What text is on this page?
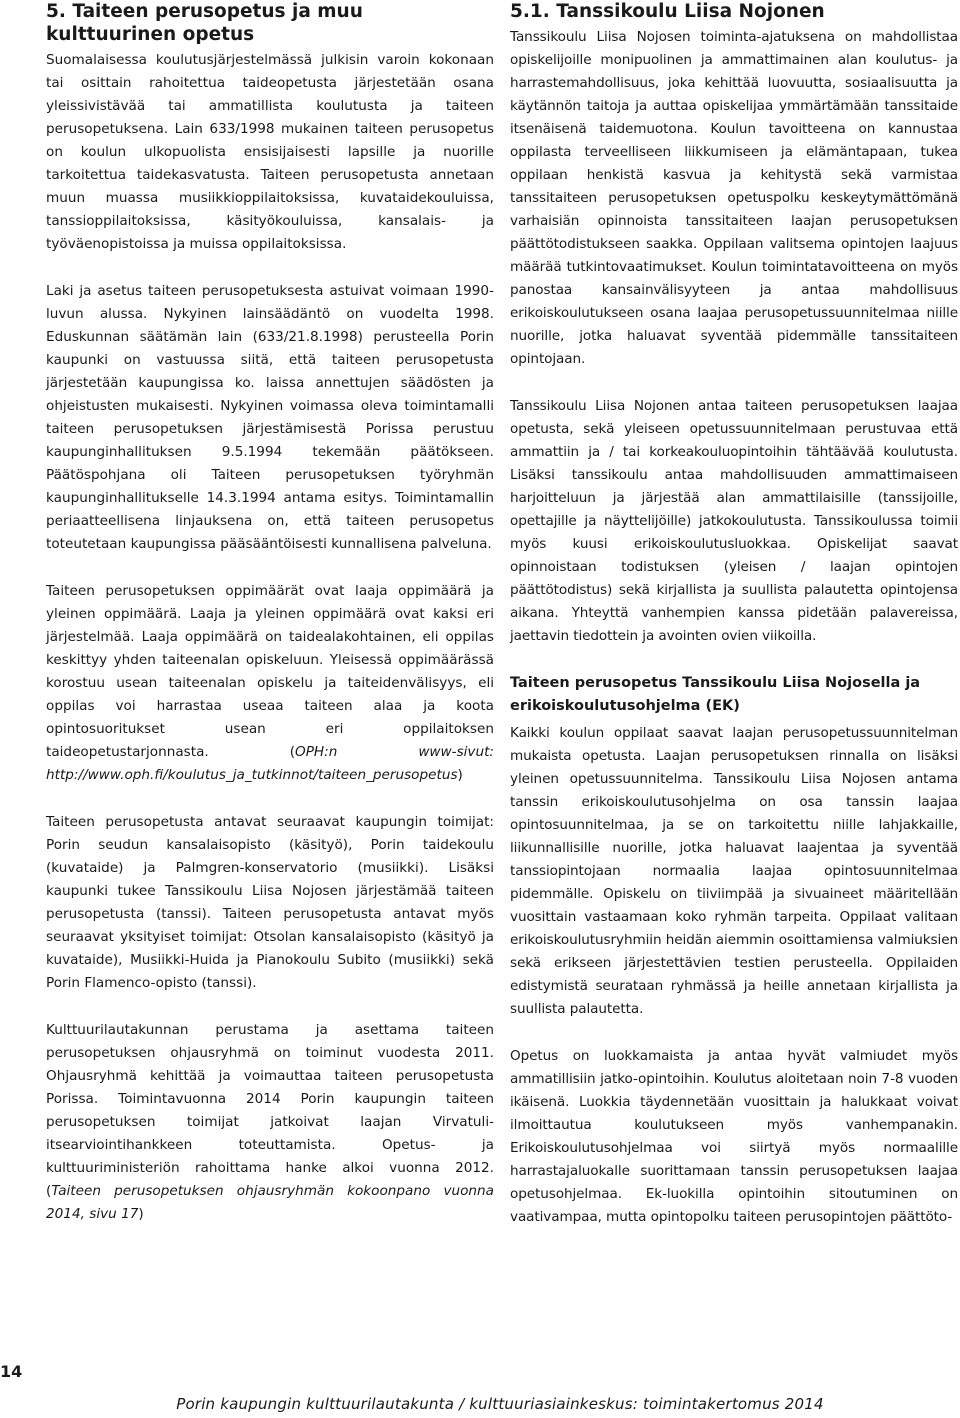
5. Taiteen perusopetus ja muu kulttuurinen opetus

Suomalaisessa koulutusjärjestelmässä julkisin varoin kokonaan tai osittain rahoitettua taideopetusta järjestetään osana yleissivistävää tai ammatillista koulutusta ja taiteen perusopetuksena. Lain 633/1998 mukainen taiteen perusopetus on koulun ulkopuolista ensisijaisesti lapsille ja nuorille tarkoitettua taidekasvatusta. Taiteen perusopetusta annetaan muun muassa musiikkioppilaitoksissa, kuvataidekouluissa, tanssioppilaitoksissa, käsityökouluissa, kansalais- ja työväenopistoissa ja muissa oppilaitoksissa.

Laki ja asetus taiteen perusopetuksesta astuivat voimaan 1990-luvun alussa. Nykyinen lainsäädäntö on vuodelta 1998. Eduskunnan säätämän lain (633/21.8.1998) perusteella Porin kaupunki on vastuussa siitä, että taiteen perusopetusta järjestetään kaupungissa ko. laissa annettujen säädösten ja ohjeistusten mukaisesti. Nykyinen voimassa oleva toimintamalli taiteen perusopetuksen järjestämisestä Porissa perustuu kaupunginhallituksen 9.5.1994 tekemään päätökseen. Päätöspohjana oli Taiteen perusopetuksen työryhmän kaupunginhallitukselle 14.3.1994 antama esitys. Toimintamallin periaatteellisena linjauksena on, että taiteen perusopetus toteutetaan kaupungissa pääsääntöisesti kunnallisena palveluna.

Taiteen perusopetuksen oppimäärät ovat laaja oppimäärä ja yleinen oppimäärä. Laaja ja yleinen oppimäärä ovat kaksi eri järjestelmää. Laaja oppimäärä on taidealakohtainen, eli oppilas keskittyy yhden taiteenalan opiskeluun. Yleisessä oppimäärässä korostuu usean taiteenalan opiskelu ja taiteidenvälisyys, eli oppilas voi harrastaa useaa taiteen alaa ja koota opintosuoritukset usean eri oppilaitoksen taideopetustarjonnasta.	(OPH:n www-sivut: http://www.oph.fi/koulutus_ja_tutkinnot/taiteen_perusopetus)

Taiteen perusopetusta antavat seuraavat kaupungin toimijat: Porin seudun kansalaisopisto (käsityö), Porin taidekoulu (kuvataide) ja Palmgren-konservatorio (musiikki). Lisäksi kaupunki tukee Tanssikoulu Liisa Nojosen järjestämää taiteen perusopetusta (tanssi). Taiteen perusopetusta antavat myös seuraavat yksityiset toimijat: Otsolan kansalaisopisto (käsityö ja kuvataide), Musiikki-Huida ja Pianokoulu Subito (musiikki) sekä Porin Flamenco-opisto (tanssi).

Kulttuurilautakunnan perustama ja asettama taiteen perusopetuksen ohjausryhmä on toiminut vuodesta 2011. Ohjausryhmä kehittää ja voimauttaa taiteen perusopetusta Porissa. Toimintavuonna 2014 Porin kaupungin taiteen perusopetuksen toimijat jatkoivat laajan Virvatuli-itsearviointihankkeen toteuttamista. Opetus- ja kulttuuriministeriön rahoittama hanke alkoi vuonna 2012. (Taiteen perusopetuksen ohjausryhmän kokoonpano vuonna 2014, sivu 17)

5.1. Tanssikoulu Liisa Nojonen

Tanssikoulu Liisa Nojosen toiminta-ajatuksena on mahdollistaa opiskelijoille monipuolinen ja ammattimainen alan koulutus- ja harrastemahdollisuus, joka kehittää luovuutta, sosiaalisuutta ja käytännön taitoja ja auttaa opiskelijaa ymmärtämään tanssitaide itsenäisenä taidemuotona. Koulun tavoitteena on kannustaa oppilasta terveelliseen liikkumiseen ja elämäntapaan, tukea oppilaan henkistä kasvua ja kehitystä sekä varmistaa tanssitaiteen perusopetuksen opetuspolku keskeytymättömänä varhaisiän opinnoista tanssitaiteen laajan perusopetuksen päättötodistukseen saakka. Oppilaan valitsema opintojen laajuus määrää tutkintovaatimukset. Koulun toimintatavoitteena on myös panostaa kansainvälisyyteen ja antaa mahdollisuus erikoiskoulutukseen osana laajaa perusopetussuunnitelmaa niille nuorille, jotka haluavat syventää pidemmälle tanssitaiteen opintojaan.

Tanssikoulu Liisa Nojonen antaa taiteen perusopetuksen laajaa opetusta, sekä yleiseen opetussuunnitelmaan perustuvaa että ammattiin ja / tai korkeakouluopintoihin tähtäävää koulutusta. Lisäksi tanssikoulu antaa mahdollisuuden ammattimaiseen harjoitteluun ja järjestää alan ammattilaisille (tanssijoille, opettajille ja näyttelijöille) jatkokoulutusta. Tanssikoulussa toimii myös kuusi erikoiskoulutusluokkaa. Opiskelijat saavat opinnoistaan todistuksen (yleisen / laajan opintojen päättötodistus) sekä kirjallista ja suullista palautetta opintojensa aikana. Yhteyttä vanhempien kanssa pidetään palavereissa, jaettavin tiedottein ja avointen ovien viikoilla.

Taiteen perusopetus Tanssikoulu Liisa Nojosella ja erikoiskoulutusohjelma (EK)

Kaikki koulun oppilaat saavat laajan perusopetussuunnitelman mukaista opetusta. Laajan perusopetuksen rinnalla on lisäksi yleinen opetussuunnitelma. Tanssikoulu Liisa Nojosen antama tanssin erikoiskoulutusohjelma on osa tanssin laajaa opintosuunnitelmaa, ja se on tarkoitettu niille lahjakkaille, liikunnallisille nuorille, jotka haluavat laajentaa ja syventää tanssiopintojaan normaalia laajaa opintosuunnitelmaa pidemmälle. Opiskelu on tiiviimpää ja sivuaineet määritellään vuosittain vastaamaan koko ryhmän tarpeita. Oppilaat valitaan erikoiskoulutusryhmiin heidän aiemmin osoittamiensa valmiuksien sekä erikseen järjestettävien testien perusteella. Oppilaiden edistymistä seurataan ryhmässä ja heille annetaan kirjallista ja suullista palautetta.

Opetus on luokkamaista ja antaa hyvät valmiudet myös ammatillisiin jatko-opintoihin. Koulutus aloitetaan noin 7-8 vuoden ikäisenä. Luokkia täydennetään vuosittain ja halukkaat voivat ilmoittautua koulutukseen myös vanhempanakin. Erikoiskoulutusohjelmaa voi siirtyä myös normaalille harrastajaluokalle suorittamaan tanssin perusopetuksen laajaa opetusohjelmaa. Ek-luokilla opintoihin sitoutuminen on vaativampaa, mutta opintopolku taiteen perusopintojen päättöto-

14
Porin kaupungin kulttuurilautakunta / kulttuuriasiainkeskus: toimintakertomus 2014
